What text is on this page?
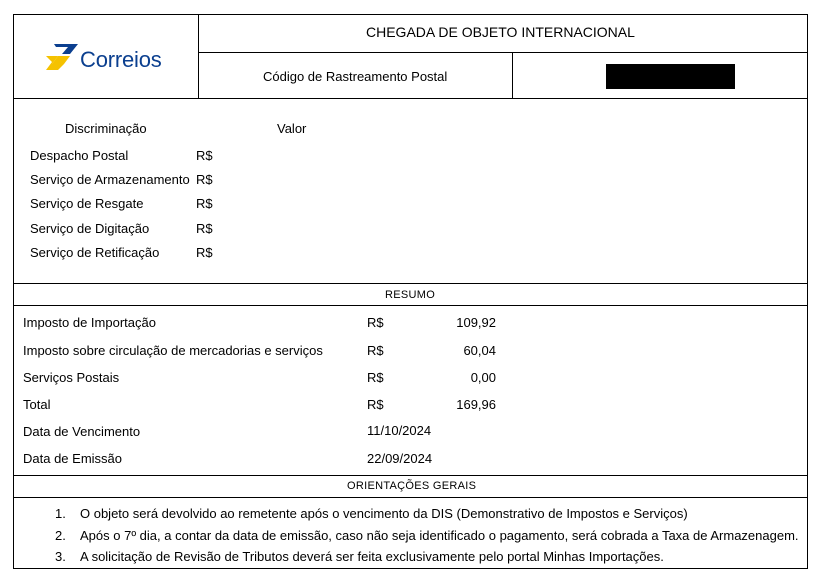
Correios
CHEGADA DE OBJETO INTERNACIONAL
Código de Rastreamento Postal
Discriminação	Valor
Despacho Postal	R$
Serviço de Armazenamento R$
Serviço de Resgate	R$
Serviço de Digitação	R$
Serviço de Retificação	R$
RESUMO
Imposto de Importação	R$	109,92
Imposto sobre circulação de mercadorias e serviços	R$	60,04
Serviços Postais	R$	0,00
Total	R$	169,96
Data de Vencimento	11/10/2024
Data de Emissão	22/09/2024
ORIENTAÇÕES GERAIS
1. O objeto será devolvido ao remetente após o vencimento da DIS (Demonstrativo de Impostos e Serviços)
2. Após o 7º dia, a contar da data de emissão, caso não seja identificado o pagamento, será cobrada a Taxa de Armazenagem.
3. A solicitação de Revisão de Tributos deverá ser feita exclusivamente pelo portal Minhas Importações.
